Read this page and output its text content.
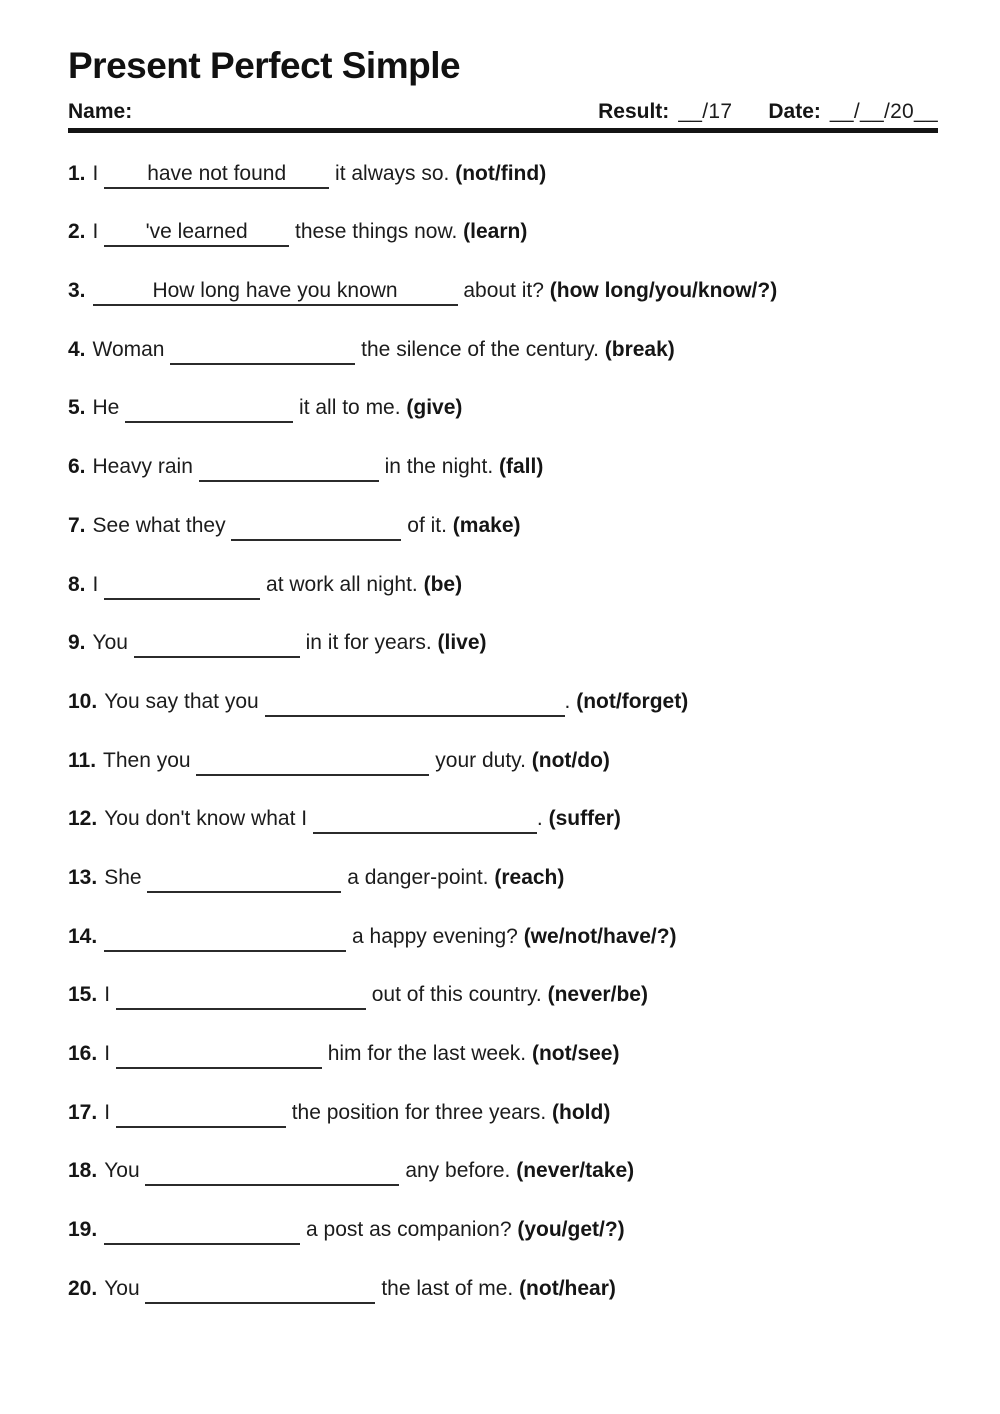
Present Perfect Simple
Name:	Result: __/17 Date: __/__/20__
1. I have not found it always so. (not/find)
2. I 've learned these things now. (learn)
3.	How long have you known	about it? (how long/you/know/?)
4. Woman	the silence of the century. (break)
5. He	it all to me. (give)
6. Heavy rain	in the night. (fall)
7. See what they	of it. (make)
8. I	at work all night. (be)
9. You	in it for years. (live)
10. You say that you	. (not/forget)
11. Then you	your duty. (not/do)
12. You don't know what I	. (suffer)
13. She	a danger-point. (reach)
14.	a happy evening? (we/not/have/?)
15. I	out of this country. (never/be)
16. I	him for the last week. (not/see)
17. I	the position for three years. (hold)
18. You	any before. (never/take)
19.	a post as companion? (you/get/?)
20. You	the last of me. (not/hear)
